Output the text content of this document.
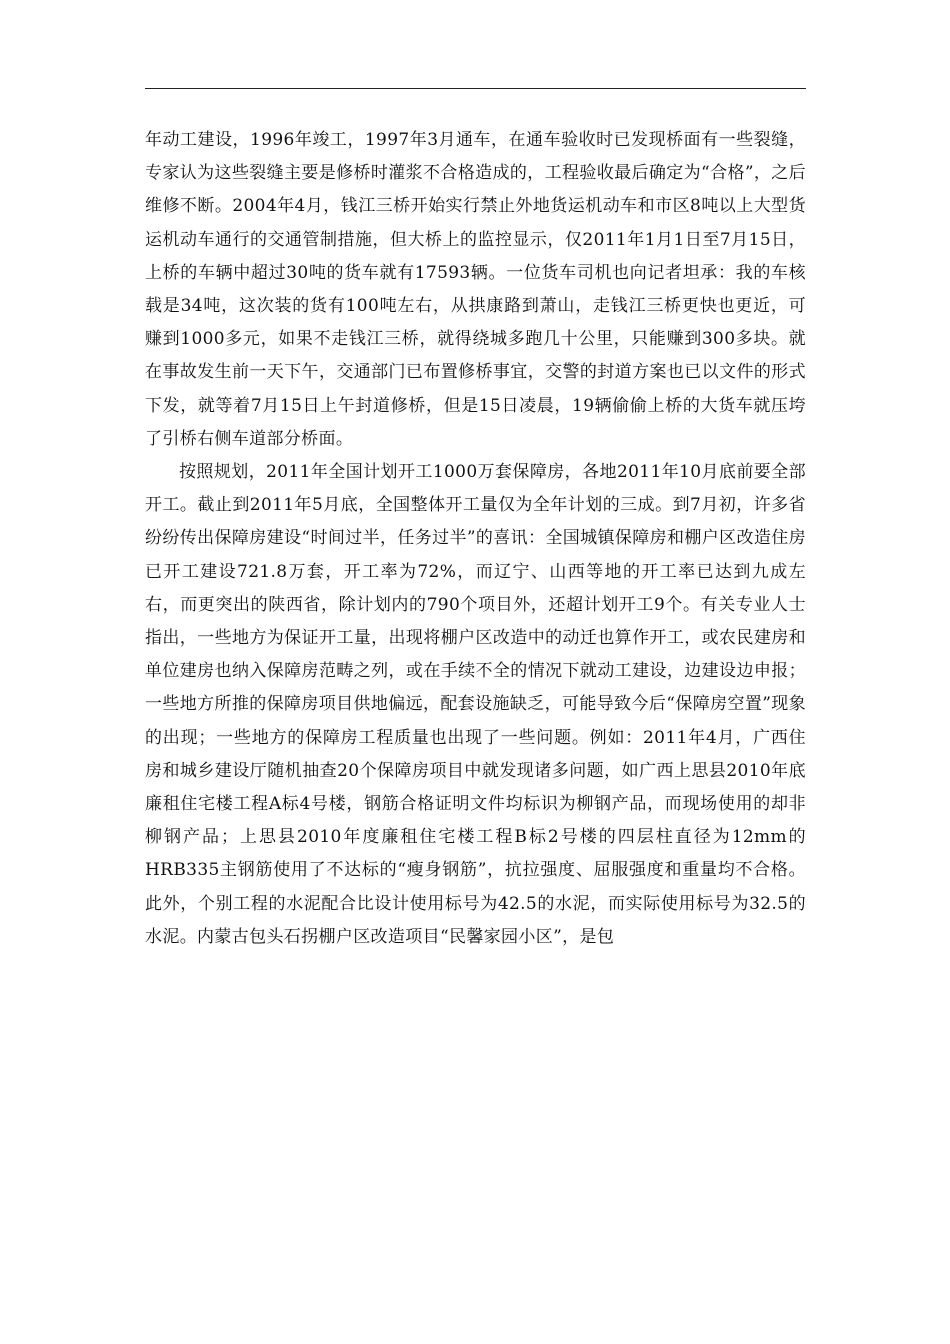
年动工建设，1996年竣工，1997年3月通车，在通车验收时已发现桥面有一些裂缝，专家认为这些裂缝主要是修桥时灌浆不合格造成的，工程验收最后确定为“合格”，之后维修不断。2004年4月，钱江三桥开始实行禁止外地货运机动车和市区8吨以上大型货运机动车通行的交通管制措施，但大桥上的监控显示，仅2011年1月1日至7月15日，上桥的车辆中超过30吨的货车就有17593辆。一位货车司机也向记者坦承：我的车核载是34吨，这次装的货有100吨左右，从拱康路到萧山，走钱江三桥更快也更近，可赚到1000多元，如果不走钱江三桥，就得绕城多跑几十公里，只能赚到300多块。就在事故发生前一天下午，交通部门已布置修桥事宜，交警的封道方案也已以文件的形式下发，就等着7月15日上午封道修桥，但是15日凌晨，19辆偷偷上桥的大货车就压垮了引桥右侧车道部分桥面。

按照规划，2011年全国计划开工1000万套保障房，各地2011年10月底前要全部开工。截止到2011年5月底，全国整体开工量仅为全年计划的三成。到7月初，许多省纷纷传出保障房建设“时间过半，任务过半”的喜讯：全国城镇保障房和棚户区改造住房已开工建设721.8万套，开工率为72%，而辽宁、山西等地的开工率已达到九成左右，而更突出的陕西省，除计划内的790个项目外，还超计划开工9个。有关专业人士指出，一些地方为保证开工量，出现将棚户区改造中的动迁也算作开工，或农民建房和单位建房也纳入保障房范畴之列，或在手续不全的情况下就动工建设，边建设边申报；一些地方所推的保障房项目供地偏远，配套设施缺乏，可能导致今后“保障房空置”现象的出现；一些地方的保障房工程质量也出现了一些问题。例如：2011年4月，广西住房和城乡建设厅随机抽查20个保障房项目中就发现诸多问题，如广西上思县2010年底廉租住宅楼工程A标4号楼，钢筋合格证明文件均标识为柳钢产品，而现场使用的却非柳钢产品；上思县2010年度廉租住宅楼工程B标2号楼的四层柱直径为12mm的HRB335主钢筋使用了不达标的“瘦身钢筋”，抗拉强度、屈服强度和重量均不合格。此外，个别工程的水泥配合比设计使用标号为42.5的水泥，而实际使用标号为32.5的水泥。内蒙古包头石拐棚户区改造项目“民馨家园小区”，是包
